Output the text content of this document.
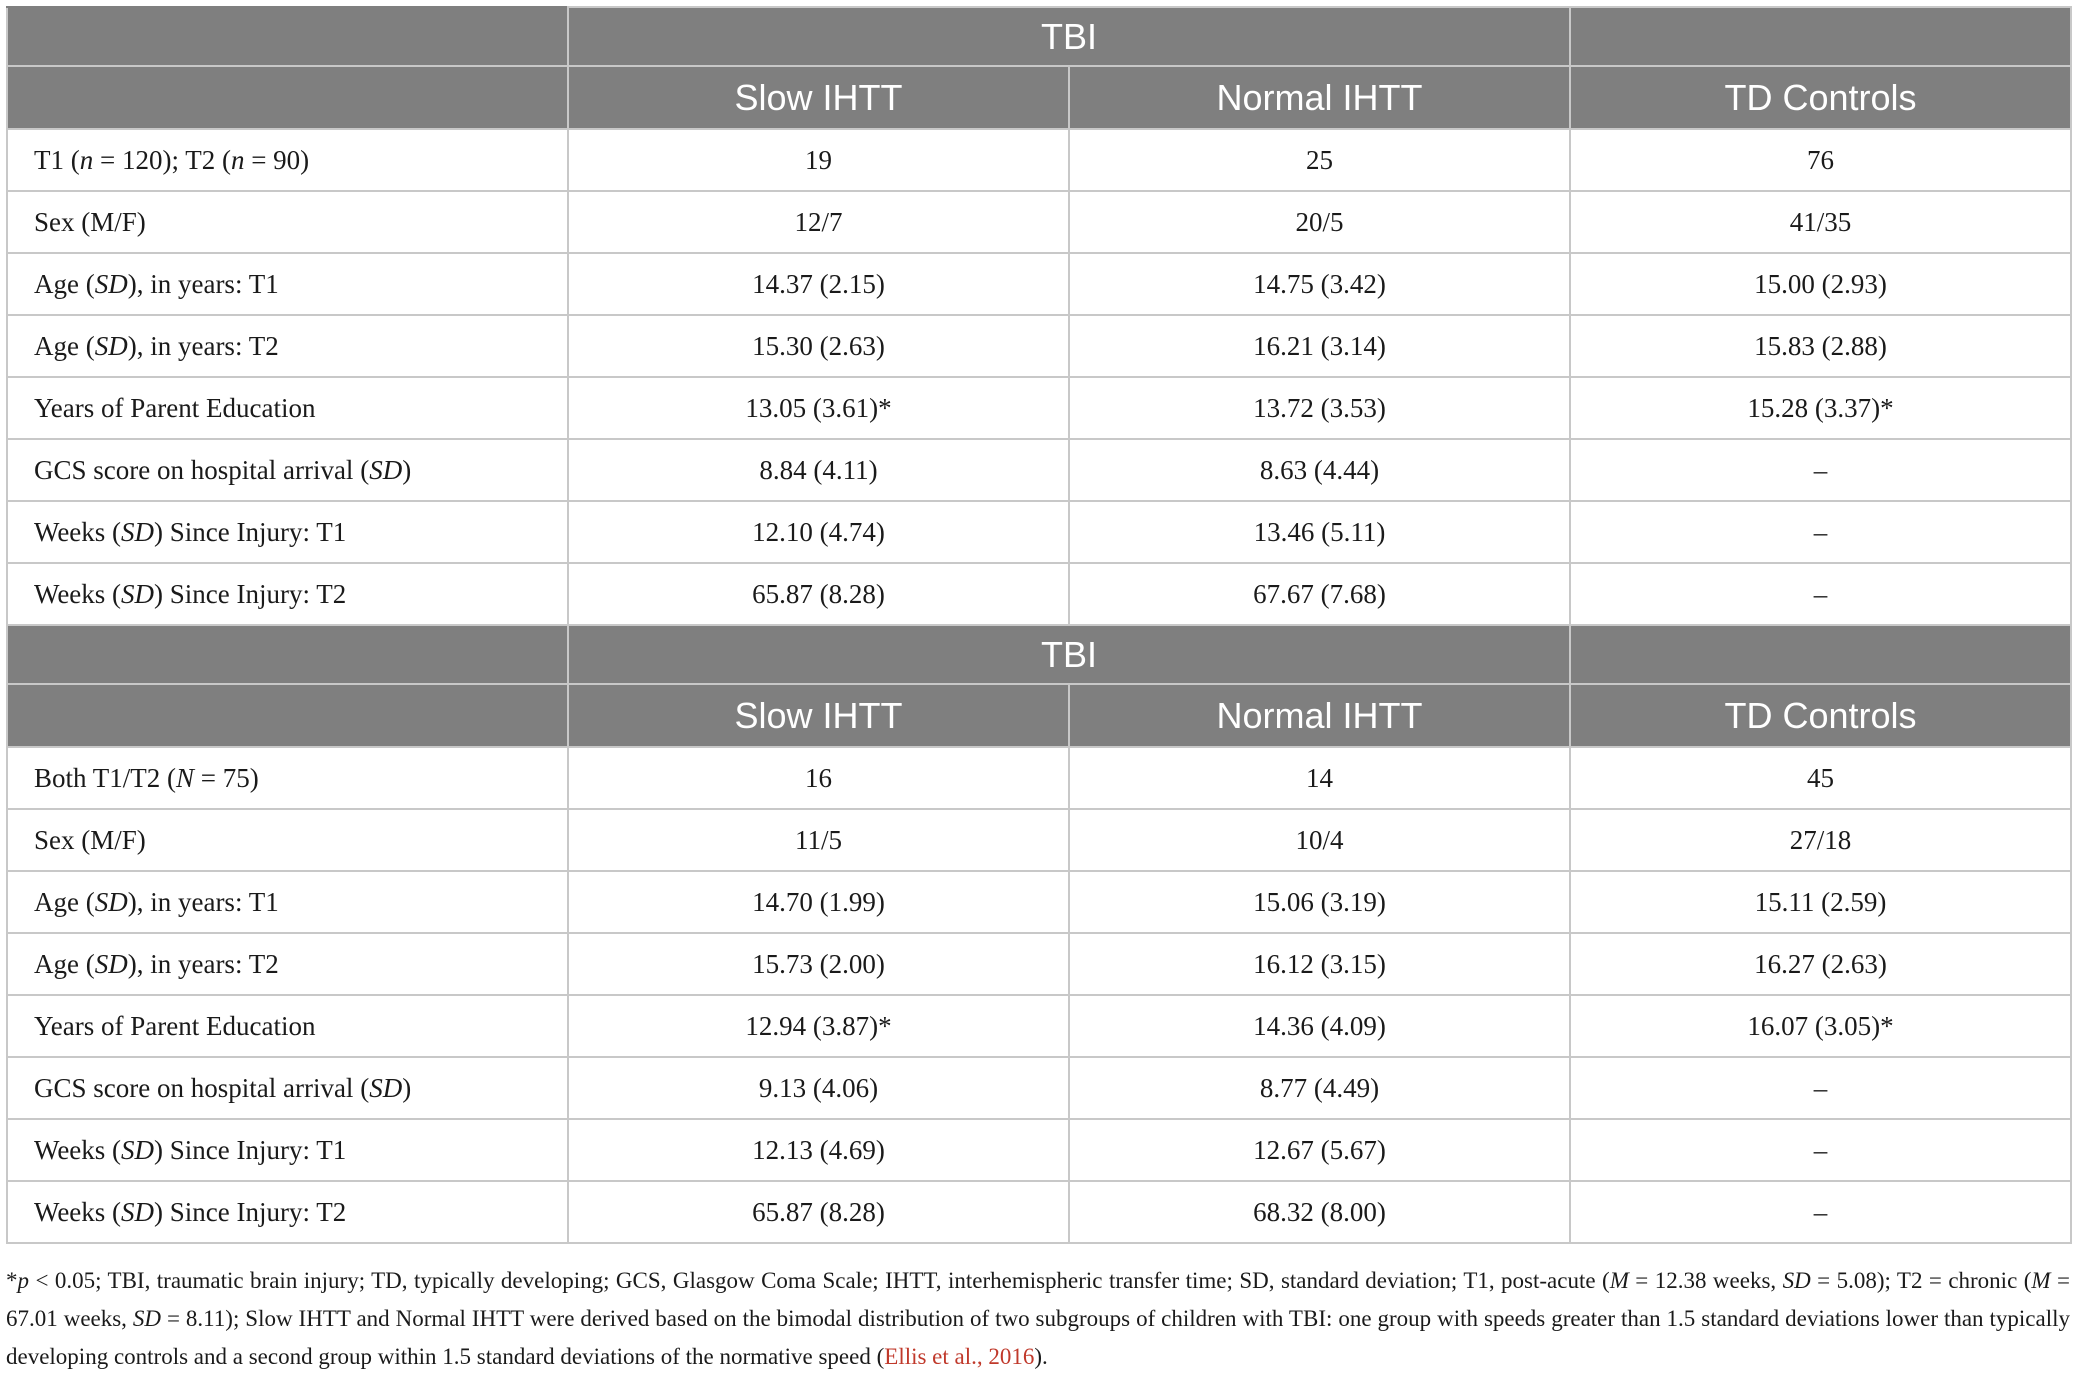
	TBI		
	Slow IHTT	Normal IHTT	TD Controls
T1 (n = 120); T2 (n = 90)	19	25	76
Sex (M/F)	12/7	20/5	41/35
Age (SD), in years: T1	14.37 (2.15)	14.75 (3.42)	15.00 (2.93)
Age (SD), in years: T2	15.30 (2.63)	16.21 (3.14)	15.83 (2.88)
Years of Parent Education	13.05 (3.61)*	13.72 (3.53)	15.28 (3.37)*
GCS score on hospital arrival (SD)	8.84 (4.11)	8.63 (4.44)	–
Weeks (SD) Since Injury: T1	12.10 (4.74)	13.46 (5.11)	–
Weeks (SD) Since Injury: T2	65.87 (8.28)	67.67 (7.68)	–
	TBI		
	Slow IHTT	Normal IHTT	TD Controls
Both T1/T2 (N = 75)	16	14	45
Sex (M/F)	11/5	10/4	27/18
Age (SD), in years: T1	14.70 (1.99)	15.06 (3.19)	15.11 (2.59)
Age (SD), in years: T2	15.73 (2.00)	16.12 (3.15)	16.27 (2.63)
Years of Parent Education	12.94 (3.87)*	14.36 (4.09)	16.07 (3.05)*
GCS score on hospital arrival (SD)	9.13 (4.06)	8.77 (4.49)	–
Weeks (SD) Since Injury: T1	12.13 (4.69)	12.67 (5.67)	–
Weeks (SD) Since Injury: T2	65.87 (8.28)	68.32 (8.00)	–
*p < 0.05; TBI, traumatic brain injury; TD, typically developing; GCS, Glasgow Coma Scale; IHTT, interhemispheric transfer time; SD, standard deviation; T1, post-acute (M = 12.38 weeks, SD = 5.08); T2 = chronic (M = 67.01 weeks, SD = 8.11); Slow IHTT and Normal IHTT were derived based on the bimodal distribution of two subgroups of children with TBI: one group with speeds greater than 1.5 standard deviations lower than typically developing controls and a second group within 1.5 standard deviations of the normative speed (Ellis et al., 2016).
